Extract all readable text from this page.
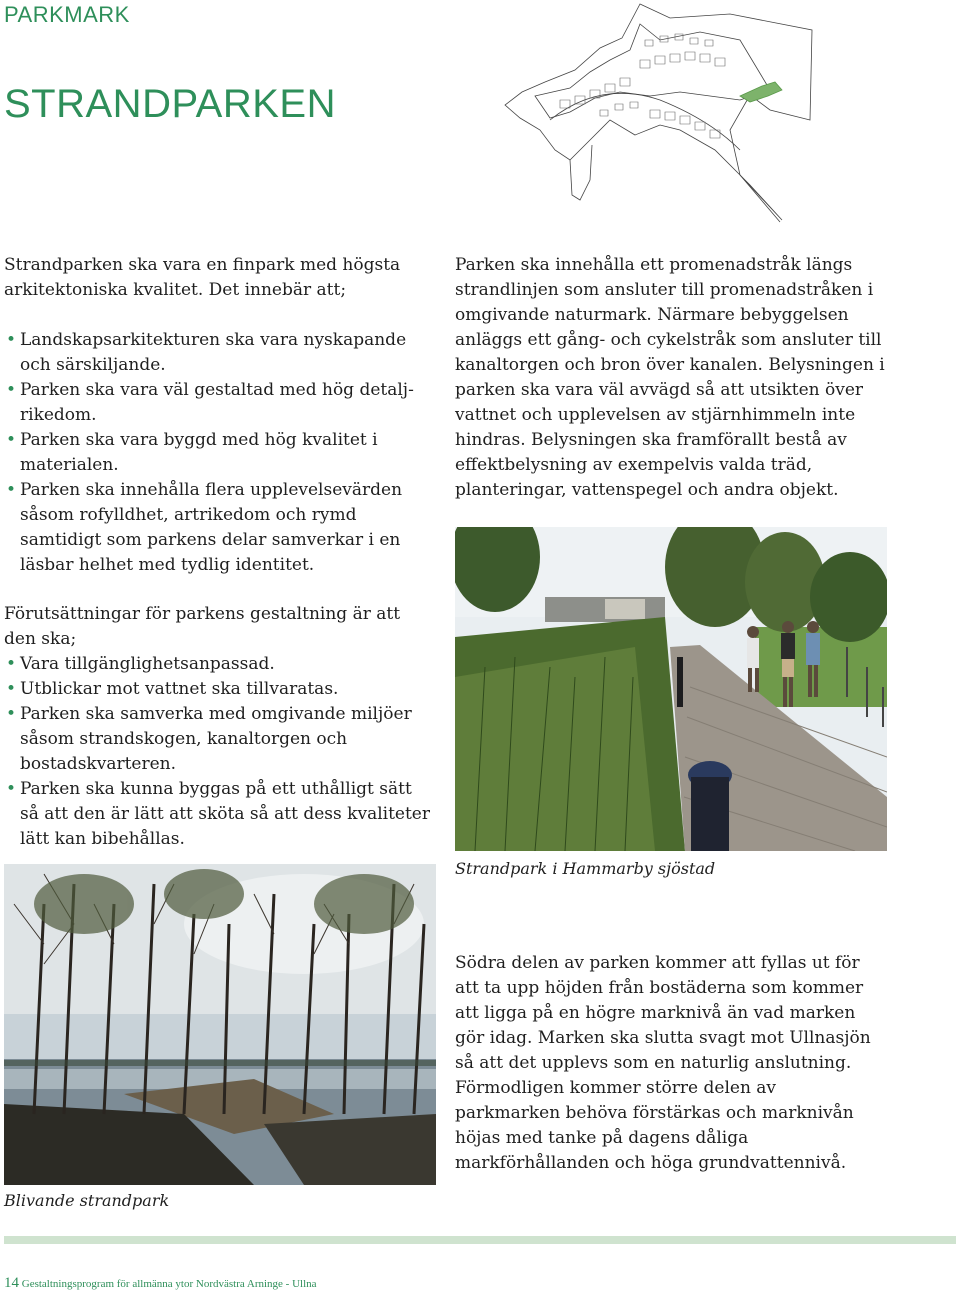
PARKMARK
STRANDPARKEN

Strandparken ska vara en finpark med högsta arkitektoniska kvalitet. Det innebär att;

• Landskapsarkitekturen ska vara nyskapande och särskiljande.
• Parken ska vara väl gestaltad med hög detalj-rikedom.
• Parken ska vara byggd med hög kvalitet i materialen.
• Parken ska innehålla flera upplevelsevärden såsom rofylldhet, artrikedom och rymd samtidigt som parkens delar samverkar i en läsbar helhet med tydlig identitet.

Förutsättningar för parkens gestaltning är att den ska;

• Vara tillgänglighetsanpassad.
• Utblickar mot vattnet ska tillvaratas.
• Parken ska samverka med omgivande miljöer såsom strandskogen, kanaltorgen och bostadskvarteren.
• Parken ska kunna byggas på ett uthålligt sätt så att den är lätt att sköta så att dess kvaliteter lätt kan bibehållas.

Parken ska innehålla ett promenadstråk längs strandlinjen som ansluter till promenadstråken i omgivande naturmark. Närmare bebyggelsen anläggs ett gång- och cykelstråk som ansluter till kanaltorgen och bron över kanalen. Belysningen i parken ska vara väl avvägd så att utsikten över vattnet och upplevelsen av stjärnhimmeln inte hindras. Belysningen ska framförallt bestå av effektbelysning av exempelvis valda träd, planteringar, vattenspegel och andra objekt.

Strandpark i Hammarby sjöstad
Blivande strandpark

Södra delen av parken kommer att fyllas ut för att ta upp höjden från bostäderna som kommer att ligga på en högre marknivå än vad marken gör idag. Marken ska slutta svagt mot Ullnasjön så att det upplevs som en naturlig anslutning. Förmodligen kommer större delen av parkmarken behöva förstärkas och marknivån höjas med tanke på dagens dåliga markförhållanden och höga grundvattennivå.

14 Gestaltningsprogram för allmänna ytor Nordvästra Arninge - Ullna
